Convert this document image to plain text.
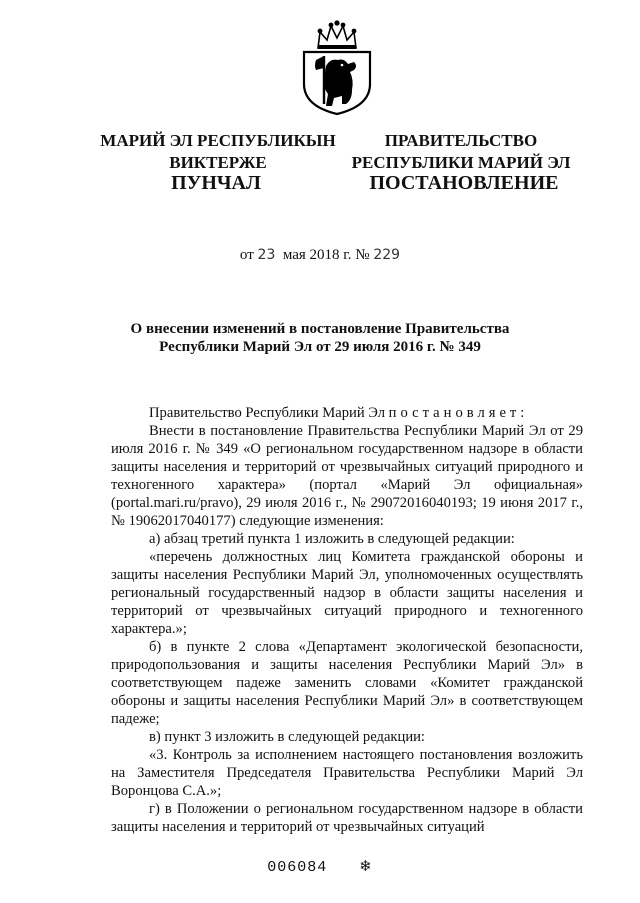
МАРИЙ ЭЛ РЕСПУБЛИКЫН
ВИКТЕРЖЕ
ПРАВИТЕЛЬСТВО
РЕСПУБЛИКИ МАРИЙ ЭЛ
ПУНЧАЛ	ПОСТАНОВЛЕНИЕ
от 23 мая 2018 г. № 229
О внесении изменений в постановление Правительства
Республики Марий Эл от 29 июля 2016 г. № 349

Правительство Республики Марий Эл постановляет:

Внести в постановление Правительства Республики Марий Эл от 29 июля 2016 г. № 349 «О региональном государственном надзоре в области защиты населения и территорий от чрезвычайных ситуаций природного и техногенного характера» (портал «Марий Эл официальная» (portal.mari.ru/pravo), 29 июля 2016 г., № 29072016040193; 19 июня 2017 г., № 19062017040177) следующие изменения:

а) абзац третий пункта 1 изложить в следующей редакции:

«перечень должностных лиц Комитета гражданской обороны и защиты населения Республики Марий Эл, уполномоченных осуществлять региональный государственный надзор в области защиты населения и территорий от чрезвычайных ситуаций природного и техногенного характера.»;

б) в пункте 2 слова «Департамент экологической безопасности, природопользования и защиты населения Республики Марий Эл» в соответствующем падеже заменить словами «Комитет гражданской обороны и защиты населения Республики Марий Эл» в соответствующем падеже;

в) пункт 3 изложить в следующей редакции:

«3. Контроль за исполнением настоящего постановления возложить на Заместителя Председателя Правительства Республики Марий Эл Воронцова С.А.»;

г) в Положении о региональном государственном надзоре в области защиты населения и территорий от чрезвычайных ситуаций

006084 ❄
